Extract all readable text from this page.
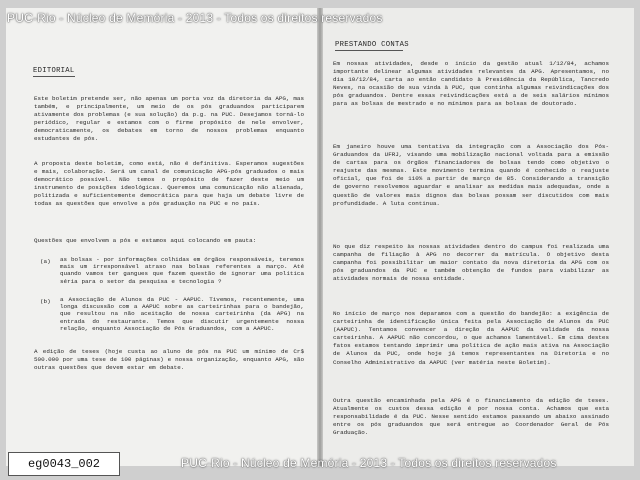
PUC-Rio - Núcleo de Memória - 2013 - Todos os direitos reservados
EDITORIAL
Este boletim pretende ser, não apenas um porta voz da diretoria da APG, mas também, e principalmente, um meio de os pós graduandos participarem ativamente dos problemas (e sua solução) da p.g. na PUC. Desejamos torná-lo periódico, regular e estamos com o firme propósito de nele envolver, democraticamente, os debates em torno de nossos problemas enquanto estudantes de pós.
A proposta deste boletim, como está, não é definitiva. Esperamos sugestões e mais, colaboração. Será um canal de comunicação APG-pós graduados o mais democrático possível. Não temos o propósito de fazer deste meio um instrumento de posições ideológicas. Queremos uma comunicação não alienada, politizada e suficientemente democrática para que haja um debate livre de todas as questões que envolve a pós graduação na PUC e no país.
Questões que envolvem a pós e estamos aqui colocando em pauta:
(a) as bolsas - por informações colhidas em órgãos responsáveis, teremos mais um irresponsável atraso nas bolsas referentes a março. Até quando vamos ter gangues que fazem questão de ignorar uma política séria para o setor da pesquisa e tecnologia ?
(b) a Associação de Alunos da PUC - AAPUC. Tivemos, recentemente, uma longa discussão com a AAPUC sobre as carteirinhas para o bandejão, que resultou na não aceitação de nossa carteirinha (da APG) na entrada do restaurante. Temos que discutir urgentemente nossa relação, enquanto Associação de Pós Graduandos, com a AAPUC.
A edição de teses (hoje custa ao aluno de pós na PUC um mínimo de Cr$ 500.000 por uma tese de 100 páginas) e nossa organização, enquanto APG, são outras questões que devem estar em debate.
PRESTANDO CONTAS
Em nossas atividades, desde o início da gestão atual 1/12/84, achamos importante delinear algumas atividades relevantes da APG. Apresentamos, no dia 10/12/84, carta ao então candidato à Presidência da República, Tancredo Neves, na ocasião de sua vinda à PUC, que continha algumas reivindicações dos pós graduandos. Dentre essas reivindicações está a de seis salários mínimos para as bolsas de mestrado e no mínimos para as bolsas de doutorado.
Em janeiro houve uma tentativa da integração com a Associação dos Pós-Graduandos da UFRJ, visando uma mobilização nacional voltada para a emissão de cartas para os órgãos financiadores de bolsas tendo como objetivo o reajuste das mesmas. Este movimento termina quando é conhecido o reajuste oficial, que foi de 110% a partir de março de 85. Considerando a transição de governo resolvemos aguardar e analisar as medidas mais adequadas, onde a questão de valores mais dignos das bolsas possam ser discutidos com mais profundidade. A luta continua.
No que diz respeito às nossas atividades dentro do campus foi realizada uma campanha de filiação à APG no decorrer da matrícula. O objetivo desta campanha foi possibilitar um maior contato da nova diretoria da APG com os pós graduandos da PUC e também obtenção de fundos para viabilizar as atividades normais de nossa entidade.
No início de março nos deparamos com a questão do bandejão: a exigência de carteirinha de identificação única feita pela Associação de Alunos da PUC (AAPUC). Tentamos convencer a direção da AAPUC da validade da nossa carteirinha. A AAPUC não concordou, o que achamos lamentável. Em cima destes fatos estamos tentando imprimir uma política de ação mais ativa na Associação de Alunos da PUC, onde hoje já temos representantes na Diretoria e no Conselho Administrativo da AAPUC (ver matéria neste Boletim).
Outra questão encaminhada pela APG é o financiamento da edição de teses. Atualmente os custos dessa edição é por nossa conta. Achamos que esta responsabilidade é da PUC. Nesse sentido estamos passando um abaixo assinado entre os pós graduandos que será entregue ao Coordenador Geral de Pós Graduação.
eg0043_002	PUC-Rio - Núcleo de Memória - 2013 - Todos os direitos reservados
